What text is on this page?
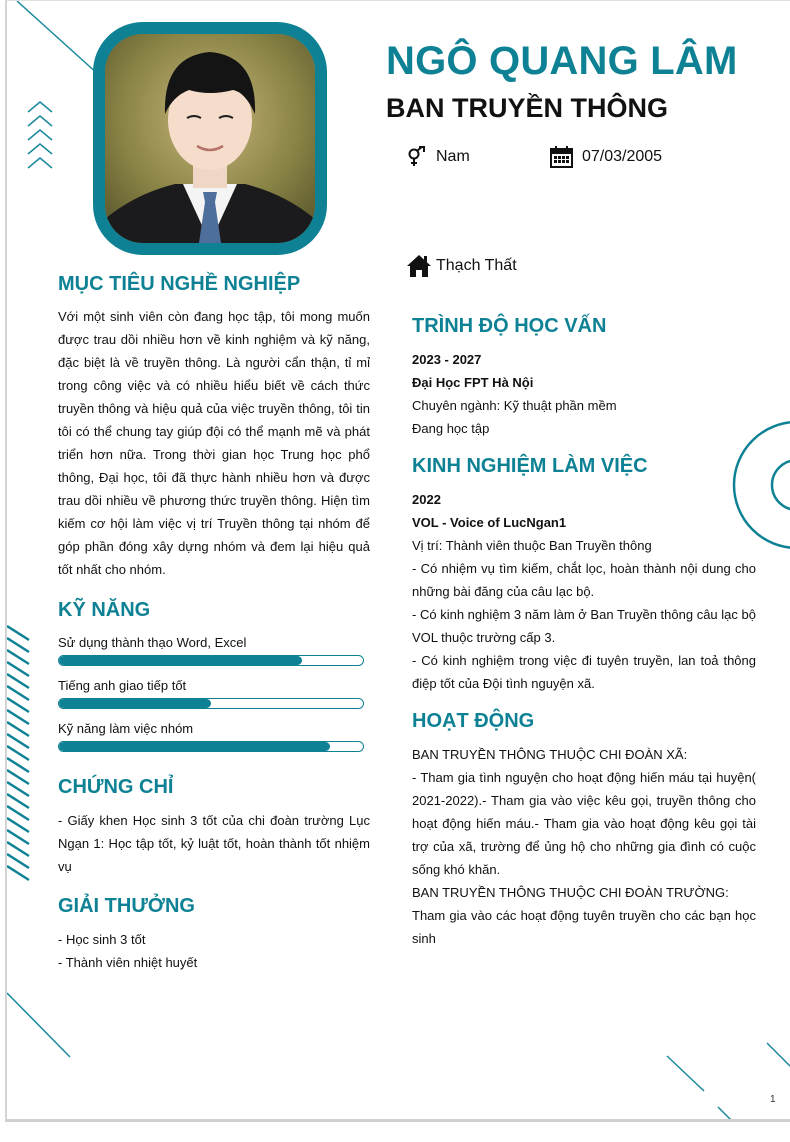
NGÔ QUANG LÂM
BAN TRUYỀN THÔNG
Nam	07/03/2005
Thạch Thất
MỤC TIÊU NGHỀ NGHIỆP
Với một sinh viên còn đang học tập, tôi mong muốn được trau dồi nhiều hơn về kinh nghiệm và kỹ năng, đặc biệt là về truyền thông. Là người cẩn thận, tỉ mỉ trong công việc và có nhiều hiểu biết về cách thức truyền thông và hiệu quả của việc truyền thông, tôi tin tôi có thể chung tay giúp đội có thể mạnh mẽ và phát triển hơn nữa. Trong thời gian học Trung học phổ thông, Đại học, tôi đã thực hành nhiều hơn và được trau dồi nhiều về phương thức truyền thông. Hiện tìm kiếm cơ hội làm việc vị trí Truyền thông tại nhóm để góp phần đóng xây dựng nhóm và đem lại hiệu quả tốt nhất cho nhóm.
KỸ NĂNG
Sử dụng thành thạo Word, Excel
Tiếng anh giao tiếp tốt
Kỹ năng làm việc nhóm
CHỨNG CHỈ
- Giấy khen Học sinh 3 tốt của chi đoàn trường Lục Ngạn 1: Học tập tốt, kỷ luật tốt, hoàn thành tốt nhiệm vụ
GIẢI THƯỞNG
- Học sinh 3 tốt
- Thành viên nhiệt huyết
TRÌNH ĐỘ HỌC VẤN
2023 - 2027
Đại Học FPT Hà Nội
Chuyên ngành: Kỹ thuật phần mềm
Đang học tập
KINH NGHIỆM LÀM VIỆC
2022
VOL - Voice of LucNgan1
Vị trí: Thành viên thuộc Ban Truyền thông
- Có nhiệm vụ tìm kiếm, chắt lọc, hoàn thành nội dung cho những bài đăng của câu lạc bộ.
- Có kinh nghiệm 3 năm làm ở Ban Truyền thông câu lạc bộ VOL thuộc trường cấp 3.
- Có kinh nghiệm trong việc đi tuyên truyền, lan toả thông điệp tốt của Đội tình nguyện xã.
HOẠT ĐỘNG
BAN TRUYỀN THÔNG THUỘC CHI ĐOÀN XÃ:
- Tham gia tình nguyện cho hoạt động hiến máu tại huyện( 2021-2022).- Tham gia vào việc kêu gọi, truyền thông cho hoạt động hiến máu.- Tham gia vào hoạt động kêu gọi tài trợ của xã, trường để ủng hộ cho những gia đình có cuộc sống khó khăn.
BAN TRUYỀN THÔNG THUỘC CHI ĐOÀN TRƯỜNG:
Tham gia vào các hoạt động tuyên truyền cho các bạn học sinh
1
